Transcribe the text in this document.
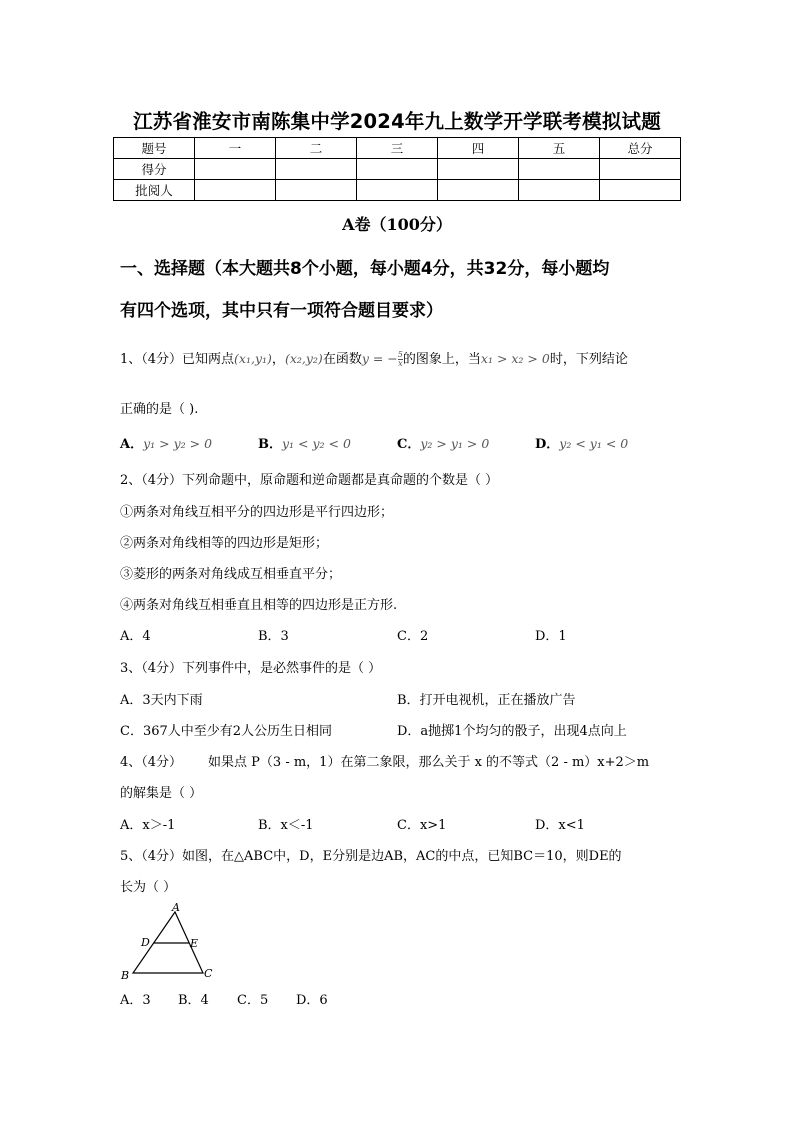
江苏省淮安市南陈集中学2024年九上数学开学联考模拟试题
题号	一	二	三	四	五	总分
得分						
批阅人						
A卷（100分）
一、选择题（本大题共8个小题，每小题4分，共32分，每小题均
有四个选项，其中只有一项符合题目要求）
1、（4分）已知两点(x₁,y₁)，(x₂,y₂)在函数y = − $\frac{5}{x}$ 的图象上，当x₁ > x₂ > 0时，下列结论
正确的是（ ).
A．y₁ > y₂ > 0	B．y₁ < y₂ < 0	C．y₂ > y₁ > 0	D．y₂ < y₁ < 0
2、（4分）下列命题中，原命题和逆命题都是真命题的个数是（ ）
①两条对角线互相平分的四边形是平行四边形；
②两条对角线相等的四边形是矩形；
③菱形的两条对角线成互相垂直平分；
④两条对角线互相垂直且相等的四边形是正方形.
A．4	B．3	C．2	D．1
3、（4分）下列事件中，是必然事件的是（ ）
A．3天内下雨	B．打开电视机，正在播放广告
C．367人中至少有2人公历生日相同	D．a抛掷1个均匀的骰子，出现4点向上
4、（4分） 如果点 P（3 - m，1）在第二象限，那么关于 x 的不等式（2 - m）x+2＞m
的解集是（ ）
A．x＞-1	B．x＜-1	C．x>1	D．x<1
5、（4分）如图，在△ABC中，D，E分别是边AB，AC的中点，已知BC＝10，则DE的
长为（ ）
A
D	E
B	C
A．3 B．4 C．5 D．6
